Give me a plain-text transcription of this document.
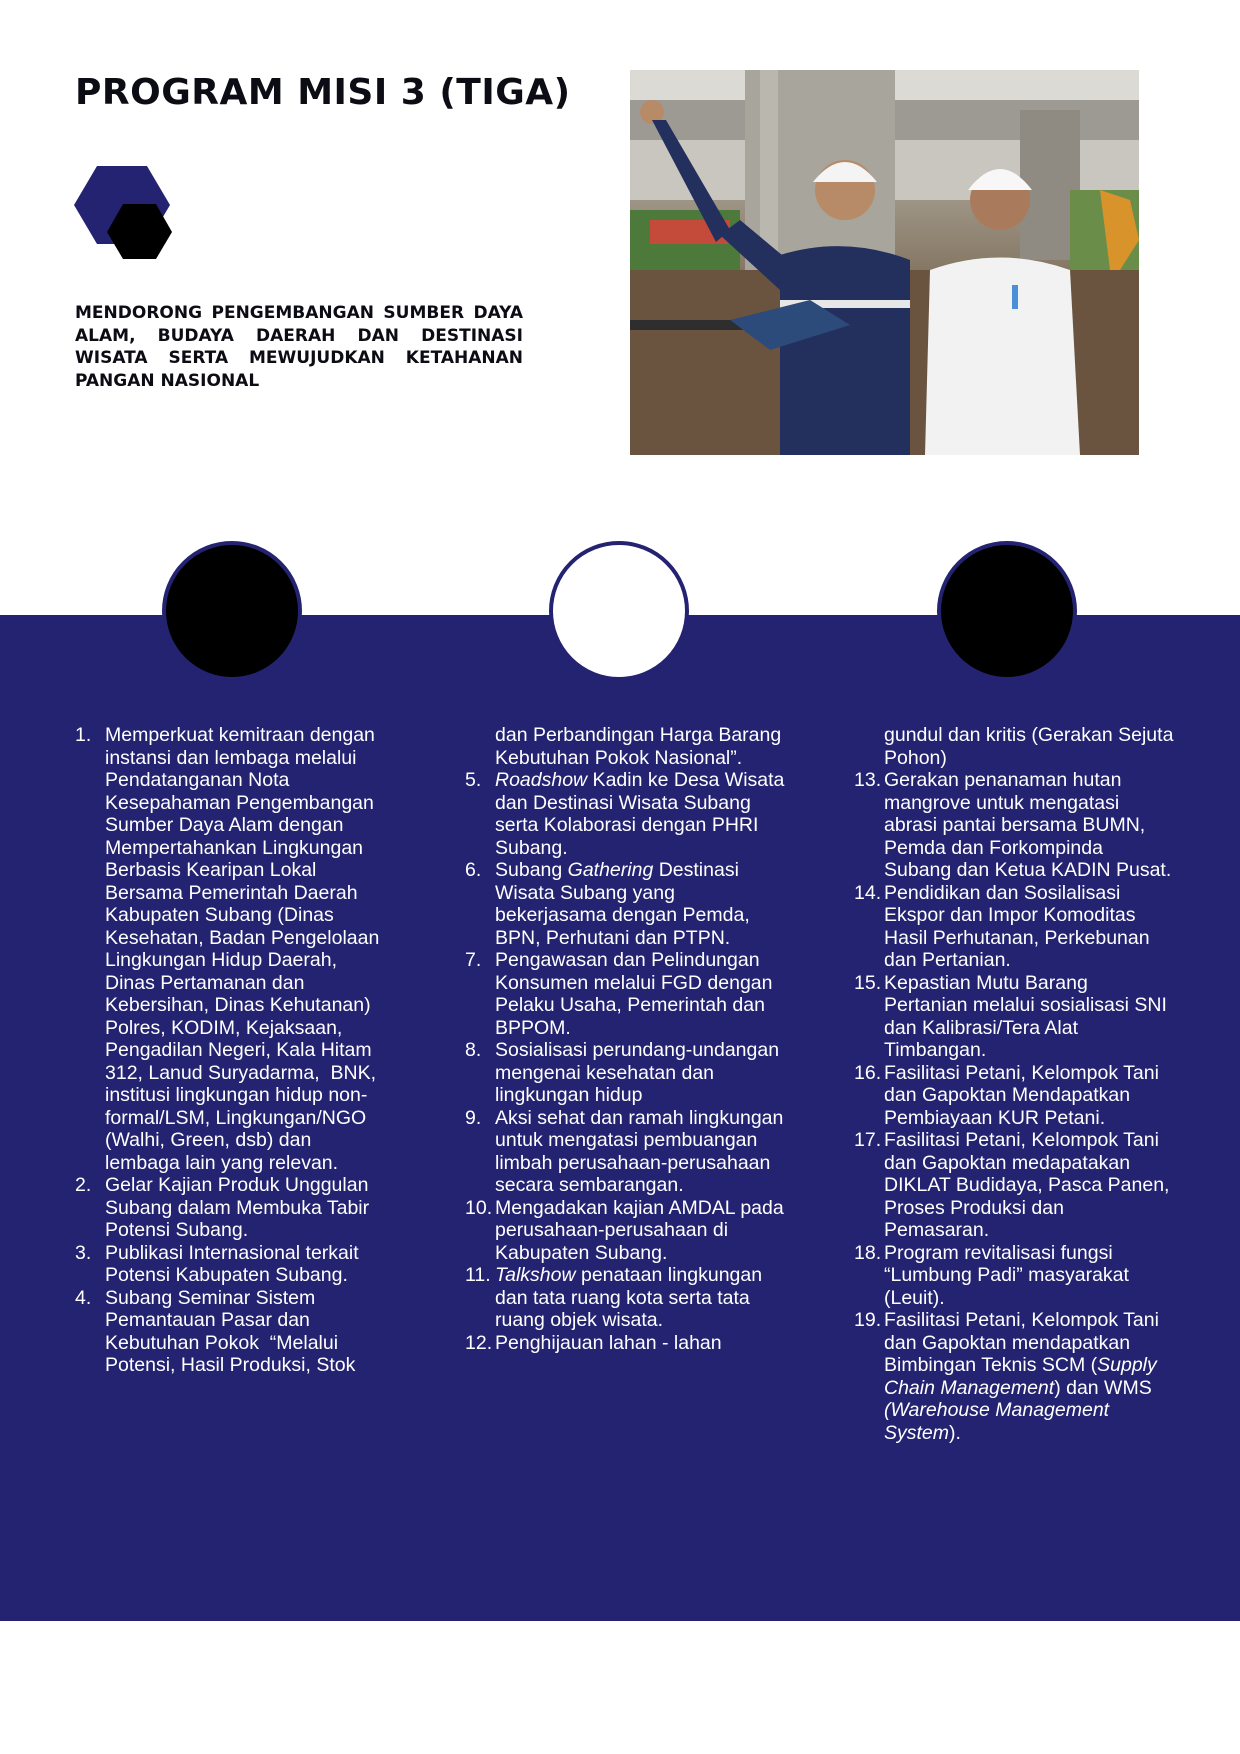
PROGRAM MISI 3 (TIGA)

MENDORONG PENGEMBANGAN SUMBER DAYA ALAM, BUDAYA DAERAH DAN DESTINASI WISATA SERTA MEWUJUDKAN KETAHANAN PANGAN NASIONAL

1. Memperkuat kemitraan dengan instansi dan lembaga melalui Pendatanganan Nota Kesepahaman Pengembangan Sumber Daya Alam dengan Mempertahankan Lingkungan Berbasis Kearipan Lokal Bersama Pemerintah Daerah Kabupaten Subang (Dinas Kesehatan, Badan Pengelolaan Lingkungan Hidup Daerah, Dinas Pertamanan dan Kebersihan, Dinas Kehutanan) Polres, KODIM, Kejaksaan, Pengadilan Negeri, Kala Hitam 312, Lanud Suryadarma,  BNK, institusi lingkungan hidup non-formal/LSM, Lingkungan/NGO (Walhi, Green, dsb) dan lembaga lain yang relevan.
2. Gelar Kajian Produk Unggulan Subang dalam Membuka Tabir Potensi Subang.
3. Publikasi Internasional terkait Potensi Kabupaten Subang.
4. Subang Seminar Sistem Pemantauan Pasar dan Kebutuhan Pokok  “Melalui Potensi, Hasil Produksi, Stok
dan Perbandingan Harga Barang Kebutuhan Pokok Nasional”.
5. Roadshow Kadin ke Desa Wisata dan Destinasi Wisata Subang serta Kolaborasi dengan PHRI Subang.
6. Subang Gathering Destinasi Wisata Subang yang bekerjasama dengan Pemda, BPN, Perhutani dan PTPN.
7. Pengawasan dan Pelindungan Konsumen melalui FGD dengan Pelaku Usaha, Pemerintah dan BPPOM.
8. Sosialisasi perundang-undangan mengenai kesehatan dan lingkungan hidup
9. Aksi sehat dan ramah lingkungan untuk mengatasi pembuangan limbah perusahaan-perusahaan secara sembarangan.
10. Mengadakan kajian AMDAL pada perusahaan-perusahaan di Kabupaten Subang.
11. Talkshow penataan lingkungan dan tata ruang kota serta tata ruang objek wisata.
12. Penghijauan lahan - lahan
gundul dan kritis (Gerakan Sejuta Pohon)
13. Gerakan penanaman hutan mangrove untuk mengatasi abrasi pantai bersama BUMN, Pemda dan Forkompinda Subang dan Ketua KADIN Pusat.
14. Pendidikan dan Sosilalisasi Ekspor dan Impor Komoditas Hasil Perhutanan, Perkebunan dan Pertanian.
15. Kepastian Mutu Barang Pertanian melalui sosialisasi SNI dan Kalibrasi/Tera Alat Timbangan.
16. Fasilitasi Petani, Kelompok Tani dan Gapoktan Mendapatkan Pembiayaan KUR Petani.
17. Fasilitasi Petani, Kelompok Tani dan Gapoktan medapatakan DIKLAT Budidaya, Pasca Panen, Proses Produksi dan Pemasaran.
18. Program revitalisasi fungsi “Lumbung Padi” masyarakat (Leuit).
19. Fasilitasi Petani, Kelompok Tani dan Gapoktan mendapatkan Bimbingan Teknis SCM (Supply Chain Management) dan WMS (Warehouse Management System).
